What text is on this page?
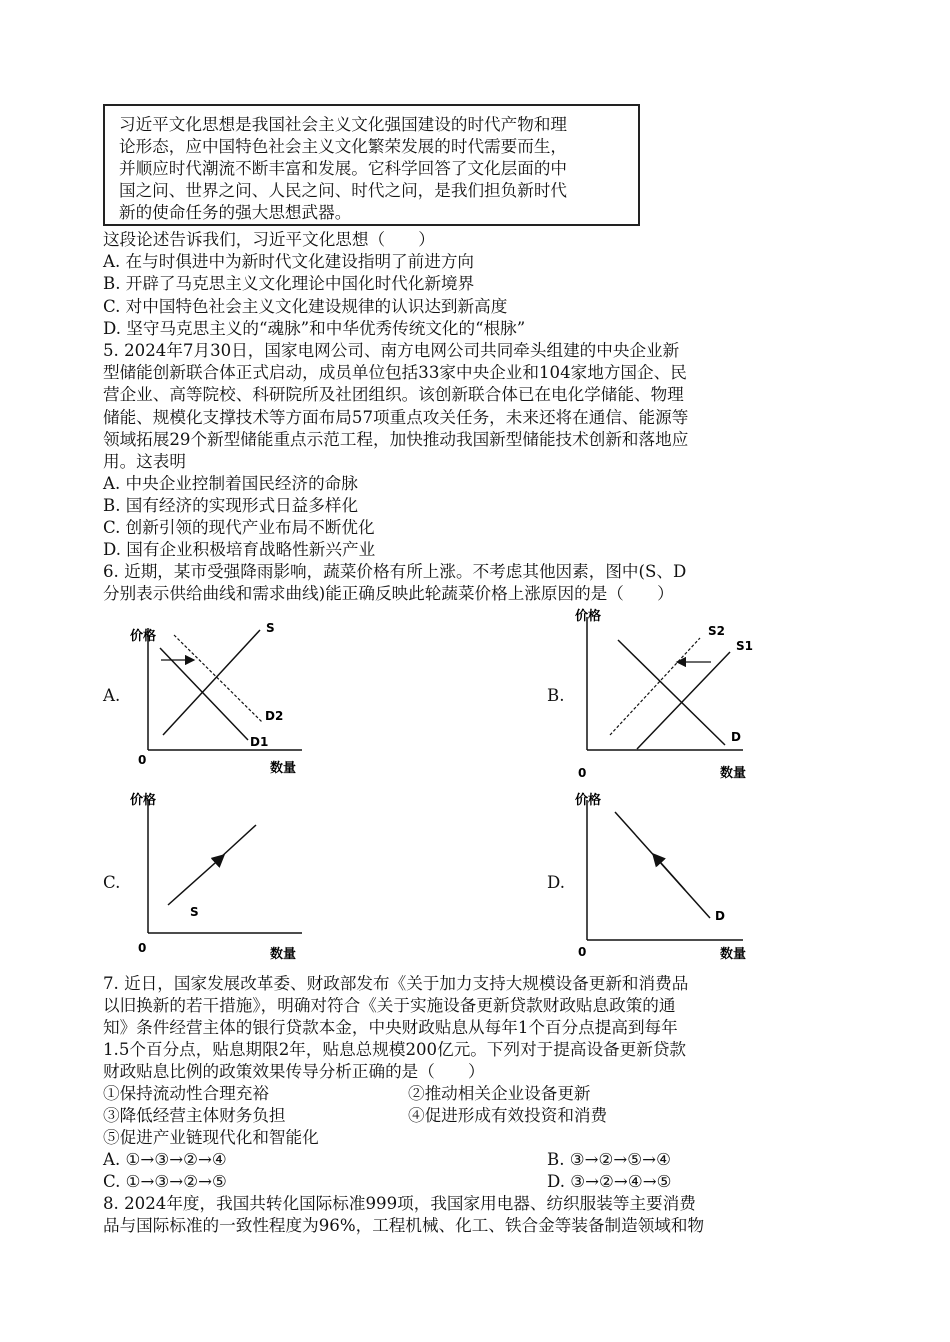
习近平文化思想是我国社会主义文化强国建设的时代产物和理
论形态，应中国特色社会主义文化繁荣发展的时代需要而生，
并顺应时代潮流不断丰富和发展。它科学回答了文化层面的中
国之问、世界之问、人民之问、时代之问，是我们担负新时代
新的使命任务的强大思想武器。
这段论述告诉我们，习近平文化思想（　　）
A. 在与时俱进中为新时代文化建设指明了前进方向
B. 开辟了马克思主义文化理论中国化时代化新境界
C. 对中国特色社会主义文化建设规律的认识达到新高度
D. 坚守马克思主义的“魂脉”和中华优秀传统文化的“根脉”
5. 2024年7月30日，国家电网公司、南方电网公司共同牵头组建的中央企业新
型储能创新联合体正式启动，成员单位包括33家中央企业和104家地方国企、民
营企业、高等院校、科研院所及社团组织。该创新联合体已在电化学储能、物理
储能、规模化支撑技术等方面布局57项重点攻关任务，未来还将在通信、能源等
领域拓展29个新型储能重点示范工程，加快推动我国新型储能技术创新和落地应
用。这表明
A. 中央企业控制着国民经济的命脉
B. 国有经济的实现形式日益多样化
C. 创新引领的现代产业布局不断优化
D. 国有企业积极培育战略性新兴产业
6. 近期，某市受强降雨影响，蔬菜价格有所上涨。不考虑其他因素，图中(S、D
分别表示供给曲线和需求曲线)能正确反映此轮蔬菜价格上涨原因的是（　　）
A.
价格
数量
0
S
D1
D2
B.
价格
数量
0
S2
S1
D
C.
价格
数量
0
S
D.
价格
数量
0
D
7. 近日，国家发展改革委、财政部发布《关于加力支持大规模设备更新和消费品
以旧换新的若干措施》，明确对符合《关于实施设备更新贷款财政贴息政策的通
知》条件经营主体的银行贷款本金，中央财政贴息从每年1个百分点提高到每年
1.5个百分点，贴息期限2年，贴息总规模200亿元。下列对于提高设备更新贷款
财政贴息比例的政策效果传导分析正确的是（　　）
①保持流动性合理充裕	②推动相关企业设备更新
③降低经营主体财务负担	④促进形成有效投资和消费
⑤促进产业链现代化和智能化
A. ①→③→②→④	B. ③→②→⑤→④
C. ①→③→②→⑤	D. ③→②→④→⑤
8. 2024年度，我国共转化国际标准999项，我国家用电器、纺织服装等主要消费
品与国际标准的一致性程度为96%，工程机械、化工、铁合金等装备制造领域和物
